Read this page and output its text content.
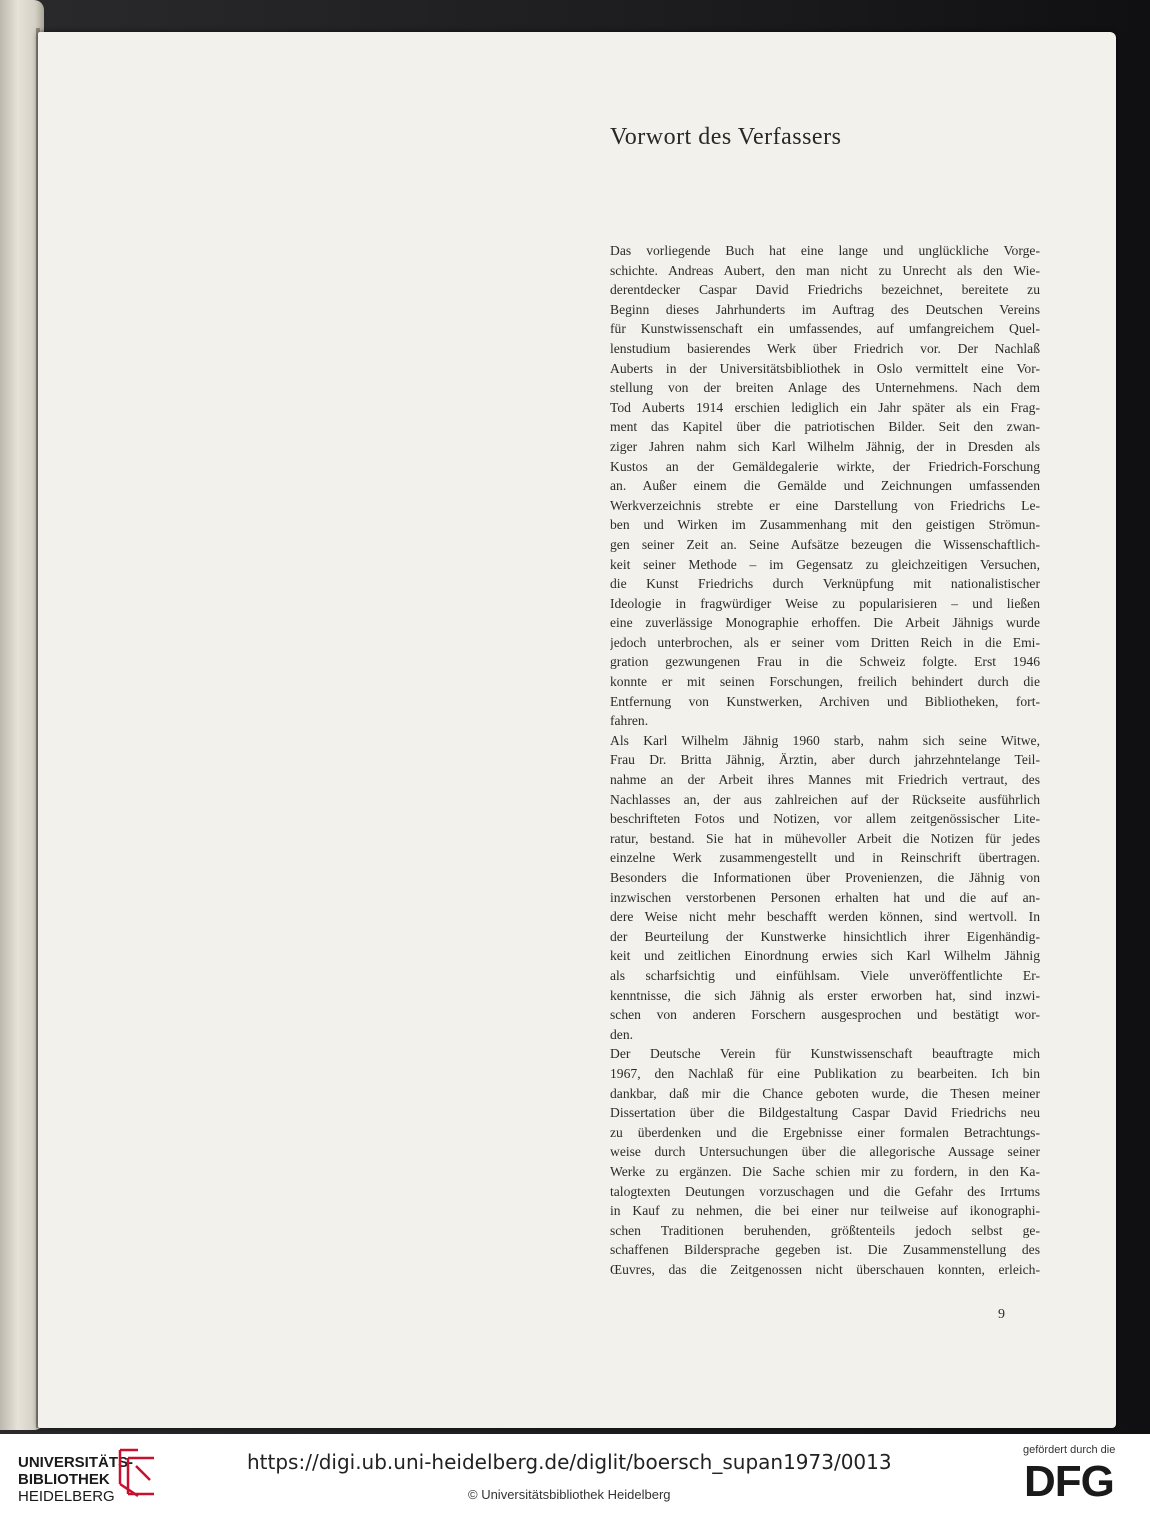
Vorwort des Verfassers
Das vorliegende Buch hat eine lange und unglückliche Vorge-
schichte. Andreas Aubert, den man nicht zu Unrecht als den Wie-
derentdecker Caspar David Friedrichs bezeichnet, bereitete zu
Beginn dieses Jahrhunderts im Auftrag des Deutschen Vereins
für Kunstwissenschaft ein umfassendes, auf umfangreichem Quel-
lenstudium basierendes Werk über Friedrich vor. Der Nachlaß
Auberts in der Universitätsbibliothek in Oslo vermittelt eine Vor-
stellung von der breiten Anlage des Unternehmens. Nach dem
Tod Auberts 1914 erschien lediglich ein Jahr später als ein Frag-
ment das Kapitel über die patriotischen Bilder. Seit den zwan-
ziger Jahren nahm sich Karl Wilhelm Jähnig, der in Dresden als
Kustos an der Gemäldegalerie wirkte, der Friedrich-Forschung
an. Außer einem die Gemälde und Zeichnungen umfassenden
Werkverzeichnis strebte er eine Darstellung von Friedrichs Le-
ben und Wirken im Zusammenhang mit den geistigen Strömun-
gen seiner Zeit an. Seine Aufsätze bezeugen die Wissenschaftlich-
keit seiner Methode – im Gegensatz zu gleichzeitigen Versuchen,
die Kunst Friedrichs durch Verknüpfung mit nationalistischer
Ideologie in fragwürdiger Weise zu popularisieren – und ließen
eine zuverlässige Monographie erhoffen. Die Arbeit Jähnigs wurde
jedoch unterbrochen, als er seiner vom Dritten Reich in die Emi-
gration gezwungenen Frau in die Schweiz folgte. Erst 1946
konnte er mit seinen Forschungen, freilich behindert durch die
Entfernung von Kunstwerken, Archiven und Bibliotheken, fort-
fahren.
Als Karl Wilhelm Jähnig 1960 starb, nahm sich seine Witwe,
Frau Dr. Britta Jähnig, Ärztin, aber durch jahrzehntelange Teil-
nahme an der Arbeit ihres Mannes mit Friedrich vertraut, des
Nachlasses an, der aus zahlreichen auf der Rückseite ausführlich
beschrifteten Fotos und Notizen, vor allem zeitgenössischer Lite-
ratur, bestand. Sie hat in mühevoller Arbeit die Notizen für jedes
einzelne Werk zusammengestellt und in Reinschrift übertragen.
Besonders die Informationen über Provenienzen, die Jähnig von
inzwischen verstorbenen Personen erhalten hat und die auf an-
dere Weise nicht mehr beschafft werden können, sind wertvoll. In
der Beurteilung der Kunstwerke hinsichtlich ihrer Eigenhändig-
keit und zeitlichen Einordnung erwies sich Karl Wilhelm Jähnig
als scharfsichtig und einfühlsam. Viele unveröffentlichte Er-
kenntnisse, die sich Jähnig als erster erworben hat, sind inzwi-
schen von anderen Forschern ausgesprochen und bestätigt wor-
den.
Der Deutsche Verein für Kunstwissenschaft beauftragte mich
1967, den Nachlaß für eine Publikation zu bearbeiten. Ich bin
dankbar, daß mir die Chance geboten wurde, die Thesen meiner
Dissertation über die Bildgestaltung Caspar David Friedrichs neu
zu überdenken und die Ergebnisse einer formalen Betrachtungs-
weise durch Untersuchungen über die allegorische Aussage seiner
Werke zu ergänzen. Die Sache schien mir zu fordern, in den Ka-
talogtexten Deutungen vorzuschagen und die Gefahr des Irrtums
in Kauf zu nehmen, die bei einer nur teilweise auf ikonographi-
schen Traditionen beruhenden, größtenteils jedoch selbst ge-
schaffenen Bildersprache gegeben ist. Die Zusammenstellung des
Œuvres, das die Zeitgenossen nicht überschauen konnten, erleich-
9
UNIVERSITÄTS-
BIBLIOTHEK
HEIDELBERG
https://digi.ub.uni-heidelberg.de/diglit/boersch_supan1973/0013
© Universitätsbibliothek Heidelberg
gefördert durch die
DFG
